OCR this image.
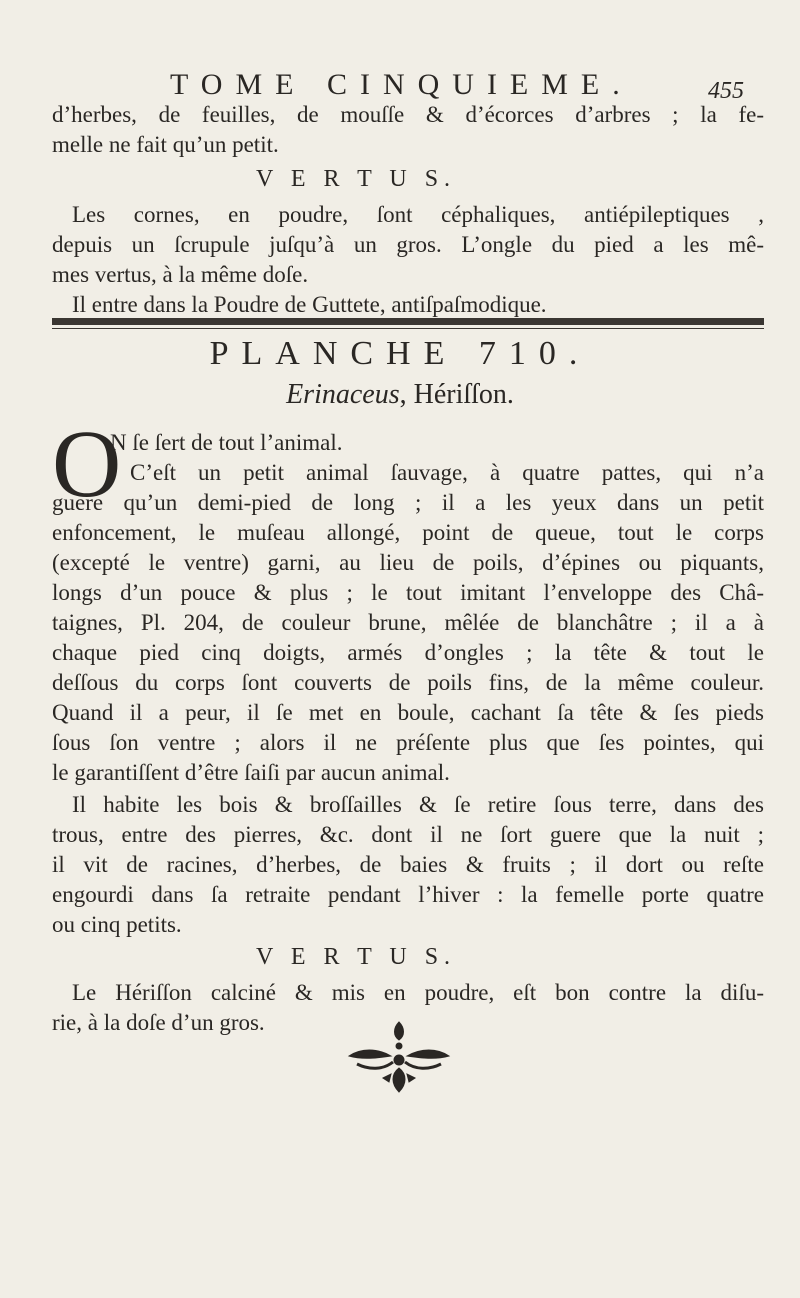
TOME CINQUIEME.	455

d’herbes, de feuilles, de mouſſe & d’écorces d’arbres ; la fe-

melle ne fait qu’un petit.

V E R T U S.

Les cornes, en poudre, ſont céphaliques, antiépileptiques ,

depuis un ſcrupule juſqu’à un gros. L’ongle du pied a les mê-

mes vertus, à la même doſe.

Il entre dans la Poudre de Guttete, antiſpaſmodique.

PLANCHE 710.
Erinaceus, Hériſſon.
O

N ſe ſert de tout l’animal.

C’eſt un petit animal ſauvage, à quatre pattes, qui n’a

guere qu’un demi-pied de long ; il a les yeux dans un petit

enfoncement, le muſeau allongé, point de queue, tout le corps

(excepté le ventre) garni, au lieu de poils, d’épines ou piquants,

longs d’un pouce & plus ; le tout imitant l’enveloppe des Châ-

taignes, Pl. 204, de couleur brune, mêlée de blanchâtre ; il a à

chaque pied cinq doigts, armés d’ongles ; la tête & tout le

deſſous du corps ſont couverts de poils fins, de la même couleur.

Quand il a peur, il ſe met en boule, cachant ſa tête & ſes pieds

ſous ſon ventre ; alors il ne préſente plus que ſes pointes, qui

le garantiſſent d’être ſaiſi par aucun animal.

Il habite les bois & broſſailles & ſe retire ſous terre, dans des

trous, entre des pierres, &c. dont il ne ſort guere que la nuit ;

il vit de racines, d’herbes, de baies & fruits ; il dort ou reſte

engourdi dans ſa retraite pendant l’hiver : la femelle porte quatre

ou cinq petits.

V E R T U S.

Le Hériſſon calciné & mis en poudre, eſt bon contre la diſu-

rie, à la doſe d’un gros.
